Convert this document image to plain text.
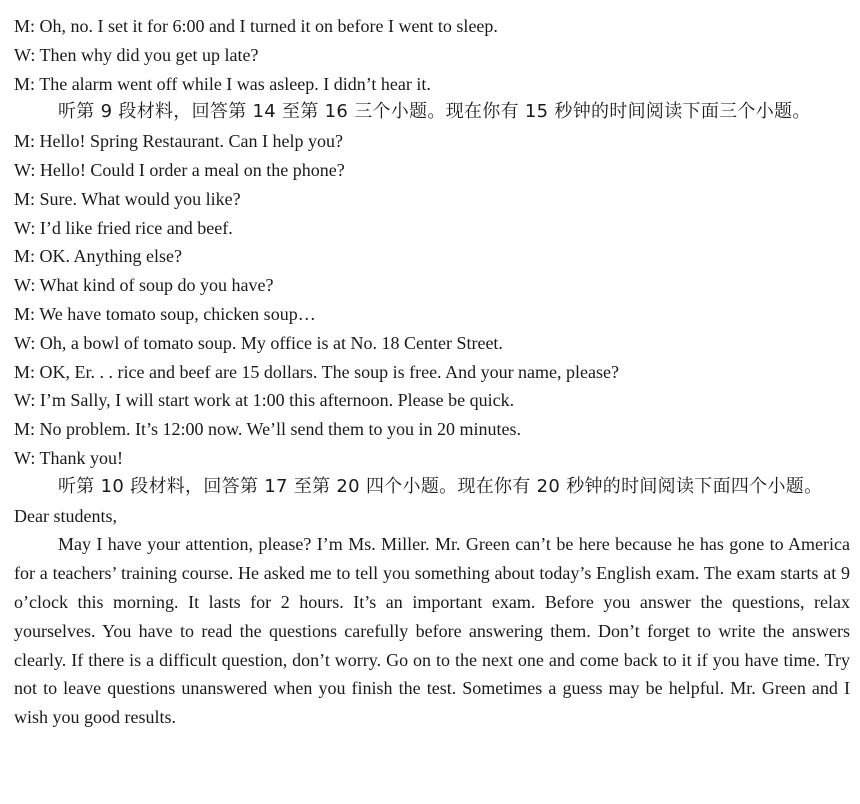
M: Oh, no. I set it for 6:00 and I turned it on before I went to sleep.

W: Then why did you get up late?

M: The alarm went off while I was asleep. I didn’t hear it.

听第 9 段材料，回答第 14 至第 16 三个小题。现在你有 15 秒钟的时间阅读下面三个小题。

M: Hello! Spring Restaurant. Can I help you?

W: Hello! Could I order a meal on the phone?

M: Sure. What would you like?

W: I’d like fried rice and beef.

M: OK. Anything else?

W: What kind of soup do you have?

M: We have tomato soup, chicken soup…

W: Oh, a bowl of tomato soup. My office is at No. 18 Center Street.

M: OK, Er. . . rice and beef are 15 dollars. The soup is free. And your name, please?

W: I’m Sally, I will start work at 1:00 this afternoon. Please be quick.

M: No problem. It’s 12:00 now. We’ll send them to you in 20 minutes.

W: Thank you!

听第 10 段材料，回答第 17 至第 20 四个小题。现在你有 20 秒钟的时间阅读下面四个小题。

Dear students,

May I have your attention, please? I’m Ms. Miller. Mr. Green can’t be here because he has gone to America for a teachers’ training course. He asked me to tell you something about today’s English exam. The exam starts at 9 o’clock this morning. It lasts for 2 hours. It’s an important exam. Before you answer the questions, relax yourselves. You have to read the questions carefully before answering them. Don’t forget to write the answers clearly. If there is a difficult question, don’t worry. Go on to the next one and come back to it if you have time. Try not to leave questions unanswered when you finish the test. Sometimes a guess may be helpful. Mr. Green and I wish you good results.
